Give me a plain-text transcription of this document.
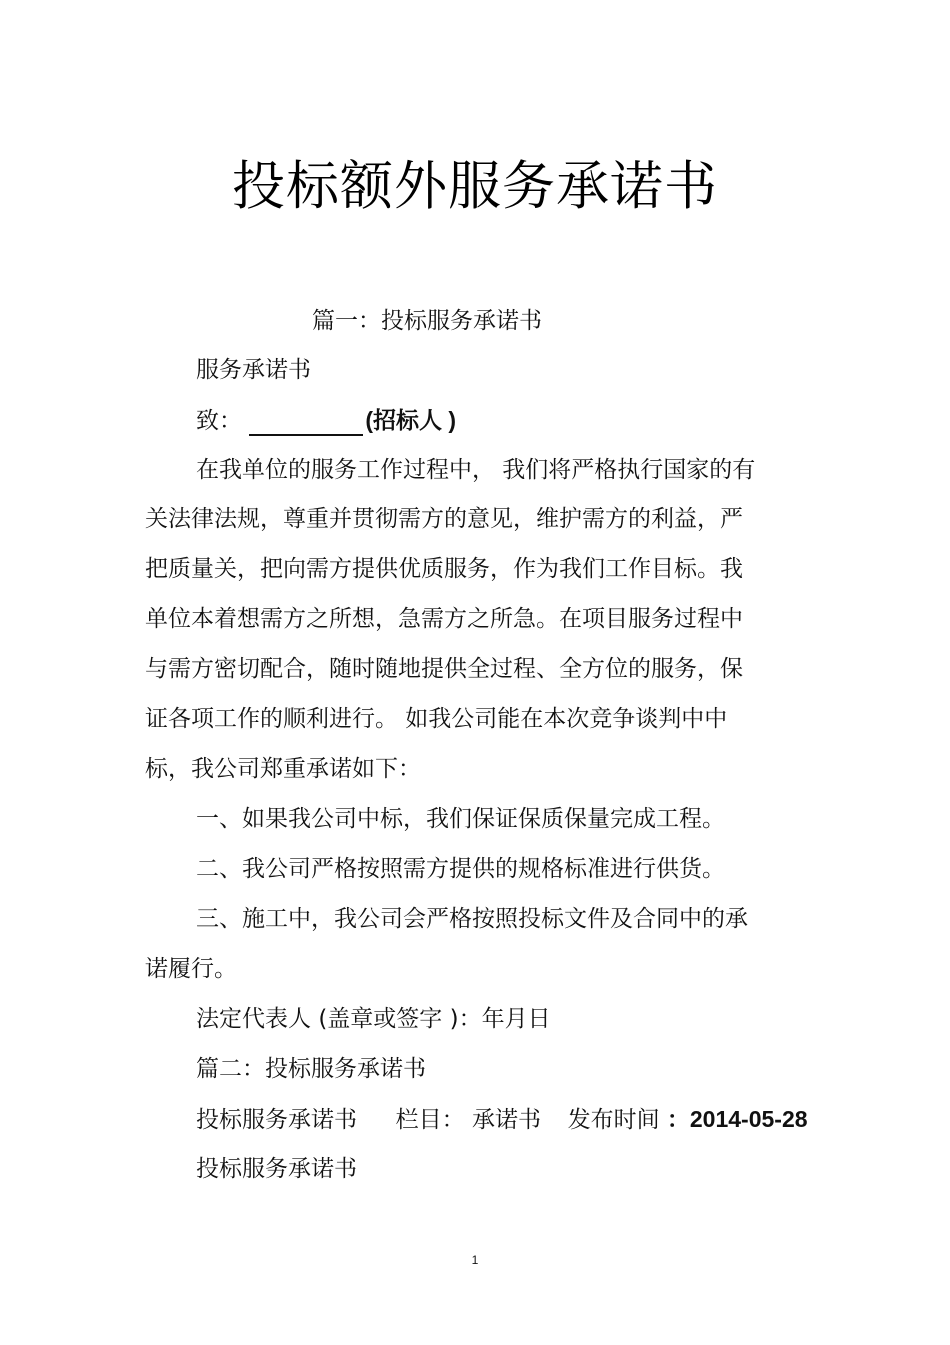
投标额外服务承诺书
篇一：投标服务承诺书
服务承诺书
致：	(招标人 )
在我单位的服务工作过程中， 我们将严格执行国家的有
关法律法规，尊重并贯彻需方的意见，维护需方的利益，严
把质量关，把向需方提供优质服务，作为我们工作目标。我
单位本着想需方之所想，急需方之所急。在项目服务过程中
与需方密切配合，随时随地提供全过程、全方位的服务，保
证各项工作的顺利进行。 如我公司能在本次竞争谈判中中
标，我公司郑重承诺如下：
一、如果我公司中标，我们保证保质保量完成工程。
二、我公司严格按照需方提供的规格标准进行供货。
三、施工中，我公司会严格按照投标文件及合同中的承
诺履行。
法定代表人 (盖章或签字 )：年月日
篇二：投标服务承诺书
投标服务承诺书 栏目： 承诺书 发布时间 ：2014-05-28
投标服务承诺书
1
